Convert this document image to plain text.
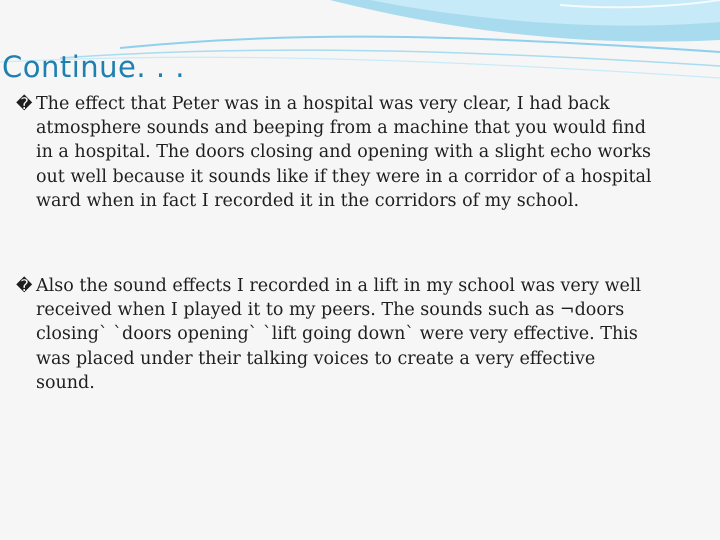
Continue. . .

� The effect that Peter was in a hospital was very clear, I had back atmosphere sounds and beeping from a machine that you would find in a hospital. The doors closing and opening with a slight echo works out well because it sounds like if they were in a corridor of a hospital ward when in fact I recorded it in the corridors of my school.

� Also the sound effects I recorded in a lift in my school was very well received when I played it to my peers. The sounds such as ¬doors closing` `doors opening` `lift going down` were very effective. This was placed under their talking voices to create a very effective sound.
